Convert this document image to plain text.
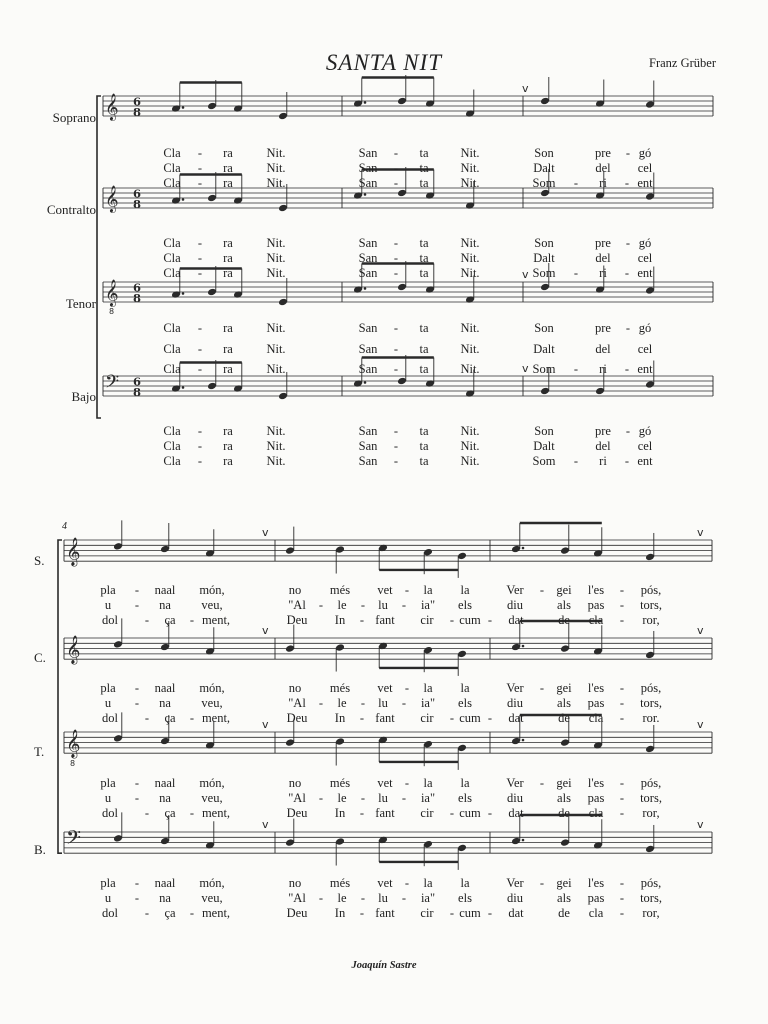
SANTA NIT	Franz Grüber
Joaquín Sastre
Soprano
Contralto
Tenor
Bajo
S.
C.
T.
B.
4
𝄞 6
8
v
𝄞 6
8
𝄞
8
6
8
v
𝄢 6
8
v
𝄞
v	v
𝄞
v	v
𝄞
8
v	v
𝄢
v	v
Cla - ra	Nit.	San - ta	Nit.	Son	pre - gó
Cla - ra	Nit.	San - ta	Nit.	Dalt	del cel
Cla - ra	Nit.	San - ta	Nit.	Som - ri - ent
Cla - ra	Nit.	San - ta	Nit.	Son	pre - gó
Cla - ra	Nit.	San - ta	Nit.	Dalt	del cel
Cla - ra	Nit.	San - ta	Nit.	Som - ri - ent
Cla - ra	Nit.	San - ta	Nit.	Son	pre - gó
Cla - ra	Nit.	San - ta	Nit.	Dalt	del cel
Cla - ra	Nit.	San - ta	Nit.	Som - ri - ent
Cla - ra	Nit.	San - ta	Nit.	Son	pre - gó
Cla - ra	Nit.	San - ta	Nit.	Dalt	del cel
Cla - ra	Nit.	San - ta	Nit.	Som - ri - ent
pla - naal món,	no més vet - la la	Ver - gei l'es - pós,
u - na veu,	"Al - le - lu - ia" els	diu	als pas - tors,
dol - ça - ment,	Deu In - fant cir - cum - dat	de cla - ror,
pla - naal món,	no més vet - la la	Ver - gei l'es - pós,
u - na veu,	"Al - le - lu - ia" els	diu	als pas - tors,
dol - ça - ment,	Deu In - fant cir - cum - dat	de cla - ror.
pla - naal món,	no més vet - la la	Ver - gei l'es - pós,
u - na veu,	"Al - le - lu - ia" els	diu	als pas - tors,
dol - ça - ment,	Deu In - fant cir - cum - dat	de cla - ror,
pla - naal món,	no més vet - la la	Ver - gei l'es - pós,
u - na veu,	"Al - le - lu - ia" els	diu	als pas - tors,
dol - ça - ment,	Deu In - fant cir - cum - dat	de cla - ror,
